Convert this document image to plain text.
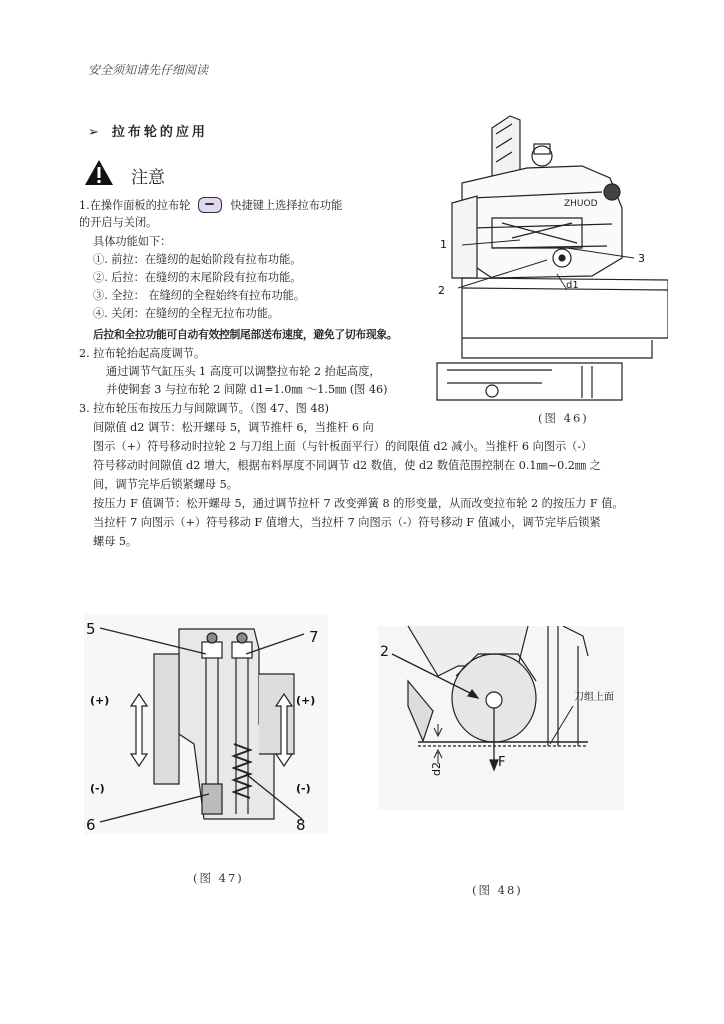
安全须知请先仔细阅读
➢ 拉布轮的应用
注意
1.在操作面板的拉布轮	快捷键上选择拉布功能
的开启与关闭。
具体功能如下：
①. 前拉：在缝纫的起始阶段有拉布功能。
②. 后拉：在缝纫的末尾阶段有拉布功能。
③. 全拉： 在缝纫的全程始终有拉布功能。
④. 关闭：在缝纫的全程无拉布功能。
后拉和全拉功能可自动有效控制尾部送布速度，避免了切布现象。
2. 拉布轮抬起高度调节。
通过调节气缸压头 1 高度可以调整拉布轮 2 抬起高度，
并使铜套 3 与拉布轮 2 间隙 d1=1.0㎜ ～1.5㎜ (图 46)
3. 拉布轮压布按压力与间隙调节。（图 47、图 48)
间隙值 d2 调节：松开螺母 5，调节推杆 6，当推杆 6 向
图示（+）符号移动时拉轮 2 与刀组上面（与针板面平行）的间限值 d2 减小。当推杆 6 向图示（-）
符号移动时间隙值 d2 增大，根据布料厚度不同调节 d2 数值，使 d2 数值范围控制在 0.1㎜~0.2㎜ 之
间，调节完毕后锁紧螺母 5。
按压力 F 值调节：松开螺母 5，通过调节拉杆 7 改变弹簧 8 的形变量，从而改变拉布轮 2 的按压力 F 值。
当拉杆 7 向图示（+）符号移动 F 值增大，当拉杆 7 向图示（-）符号移动 F 值减小，调节完毕后锁紧
螺母 5。
ZHUOD
1
2
3
d1
(图 46)
5	7
6	8
(+)
(-)
(+)
(-)
(图 47)
2
d2	F
刀组上面
(图 48)
